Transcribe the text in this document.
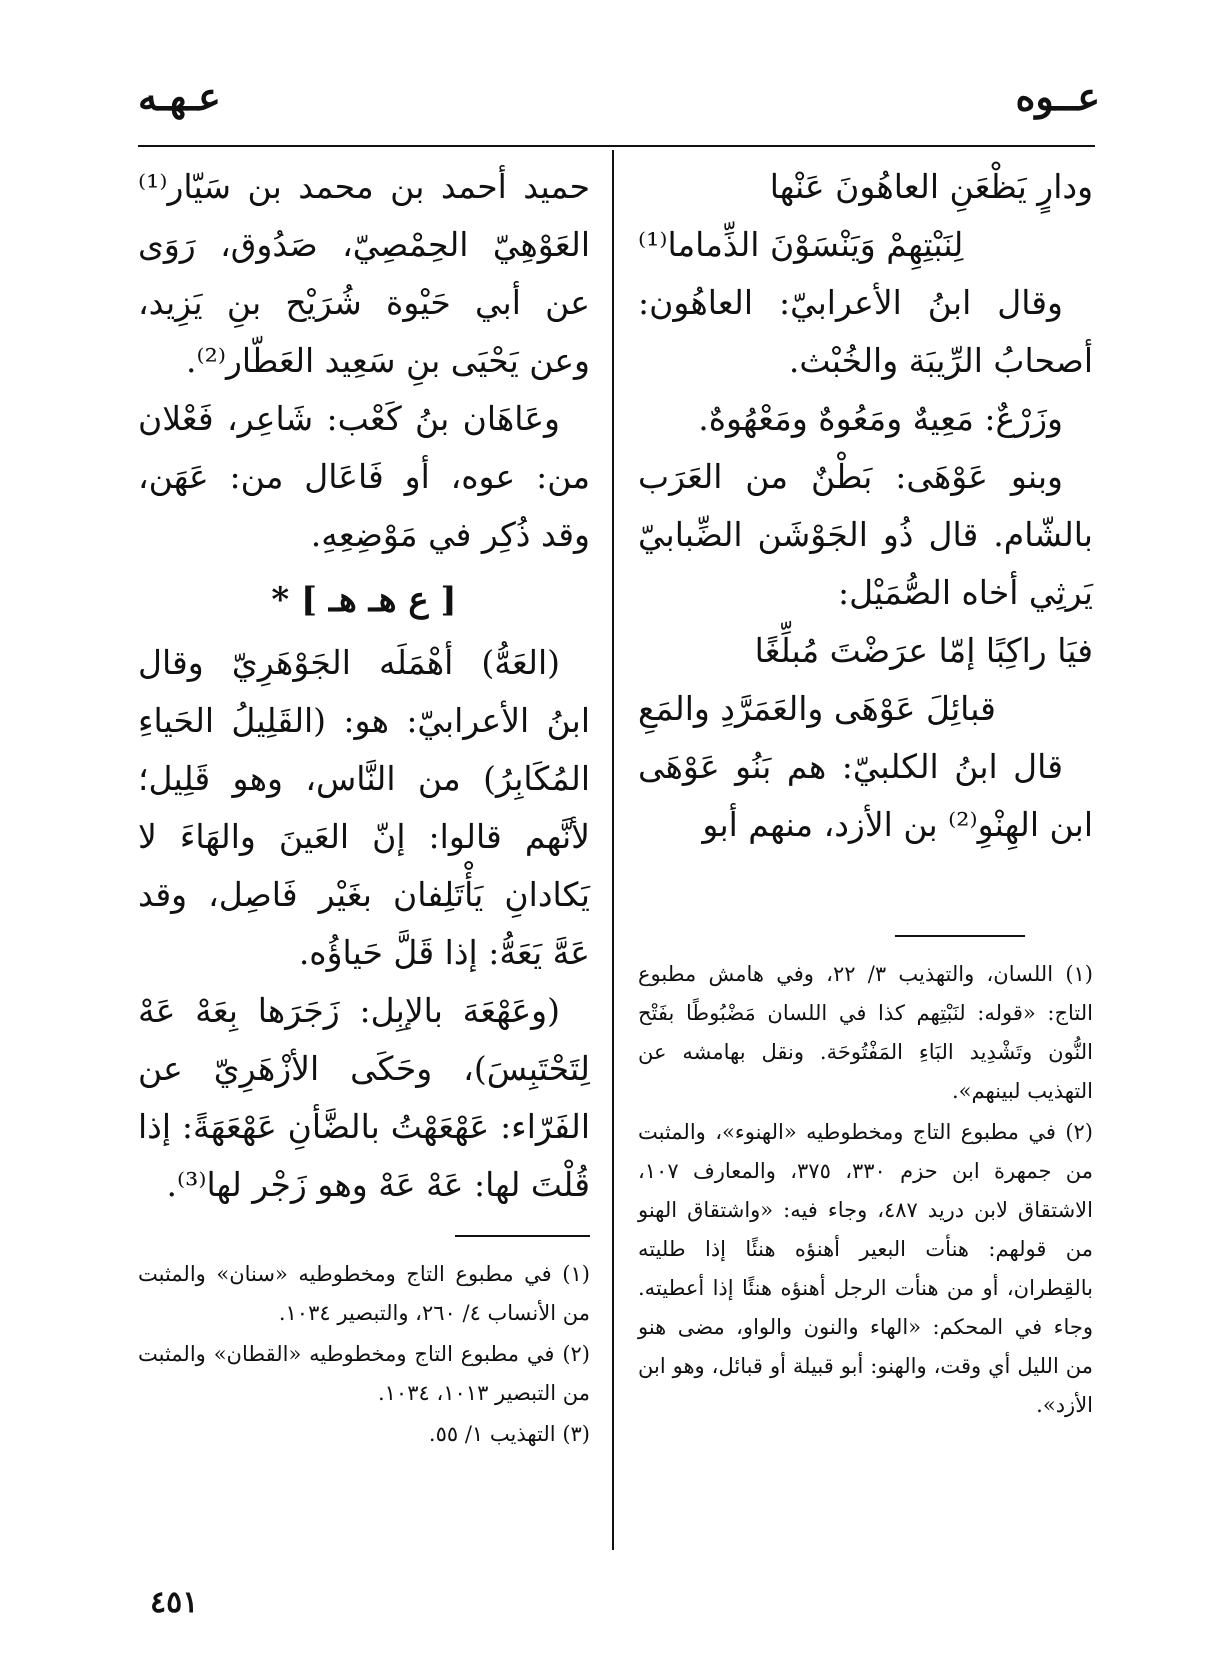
عــوه
عـهـه

ودارٍ يَظْعَنِ العاهُونَ عَنْها

لِنَبْتِهِمْ وَيَنْسَوْنَ الذِّماما⁽¹⁾

وقال ابنُ الأعرابيّ: العاهُون: أصحابُ الرِّيبَة والخُبْث.

وزَرْعٌ: مَعِيهٌ ومَعُوهٌ ومَعْهُوهٌ.

وبنو عَوْهَى: بَطْنٌ من العَرَب بالشّام. قال ذُو الجَوْشَن الضِّبابيّ يَرثِي أخاه الصُّمَيْل:

فيَا راكِبًا إمّا عرَضْتَ مُبلِّغًا

قبائِلَ عَوْهَى والعَمَرَّدِ والمَعِ

قال ابنُ الكلبيّ: هم بَنُو عَوْهَى ابن الهِنْوِ⁽²⁾ بن الأزد، منهم أبو

(١) اللسان، والتهذيب ٣/ ٢٢، وفي هامش مطبوع التاج: «قوله: لنَبْتِهم كذا في اللسان مَضْبُوطًا بفَتْح النُّون وتَشْدِيد البَاءِ المَفْتُوحَة. ونقل بهامشه عن التهذيب لبينهم».

(٢) في مطبوع التاج ومخطوطيه «الهنوء»، والمثبت من جمهرة ابن حزم ٣٣٠، ٣٧٥، والمعارف ١٠٧، الاشتقاق لابن دريد ٤٨٧، وجاء فيه: «واشتقاق الهنو من قولهم: هنأت البعير أهنؤه هنئًا إذا طليته بالقِطران، أو من هنأت الرجل أهنؤه هنئًا إذا أعطيته. وجاء في المحكم: «الهاء والنون والواو، مضى هنو من الليل أي وقت، والهنو: أبو قبيلة أو قبائل، وهو ابن الأزد».

حميد أحمد بن محمد بن سَيّار⁽¹⁾ العَوْهِيّ الحِمْصِيّ، صَدُوق، رَوَى عن أبي حَيْوة شُرَيْح بنِ يَزِيد، وعن يَحْيَى بنِ سَعِيد العَطّار⁽²⁾.

وعَاهَان بنُ كَعْب: شَاعِر، فَعْلان من: عوه، أو فَاعَال من: عَهَن، وقد ذُكِر في مَوْضِعِهِ.

[ ع هـ هـ ] *

(العَهُّ) أهْمَلَه الجَوْهَرِيّ وقال ابنُ الأعرابيّ: هو: (القَلِيلُ الحَياءِ المُكَابِرُ) من النَّاس، وهو قَلِيل؛ لأنَّهم قالوا: إنّ العَينَ والهَاءَ لا يَكادانِ يَأْتَلِفان بغَيْر فَاصِل، وقد عَهَّ يَعَهُّ: إذا قَلَّ حَياؤُه.

(وعَهْعَهَ بالإبِل: زَجَرَها بِعَهْ عَهْ لِتَحْتَبِسَ)، وحَكَى الأزْهَرِيّ عن الفَرّاء: عَهْعَهْتُ بالضَّأنِ عَهْعَهَةً: إذا قُلْتَ لها: عَهْ عَهْ وهو زَجْر لها⁽³⁾.

(١) في مطبوع التاج ومخطوطيه «سنان» والمثبت من الأنساب ٤/ ٢٦٠، والتبصير ١٠٣٤.

(٢) في مطبوع التاج ومخطوطيه «القطان» والمثبت من التبصير ١٠١٣، ١٠٣٤.

(٣) التهذيب ١/ ٥٥.

٤٥١
